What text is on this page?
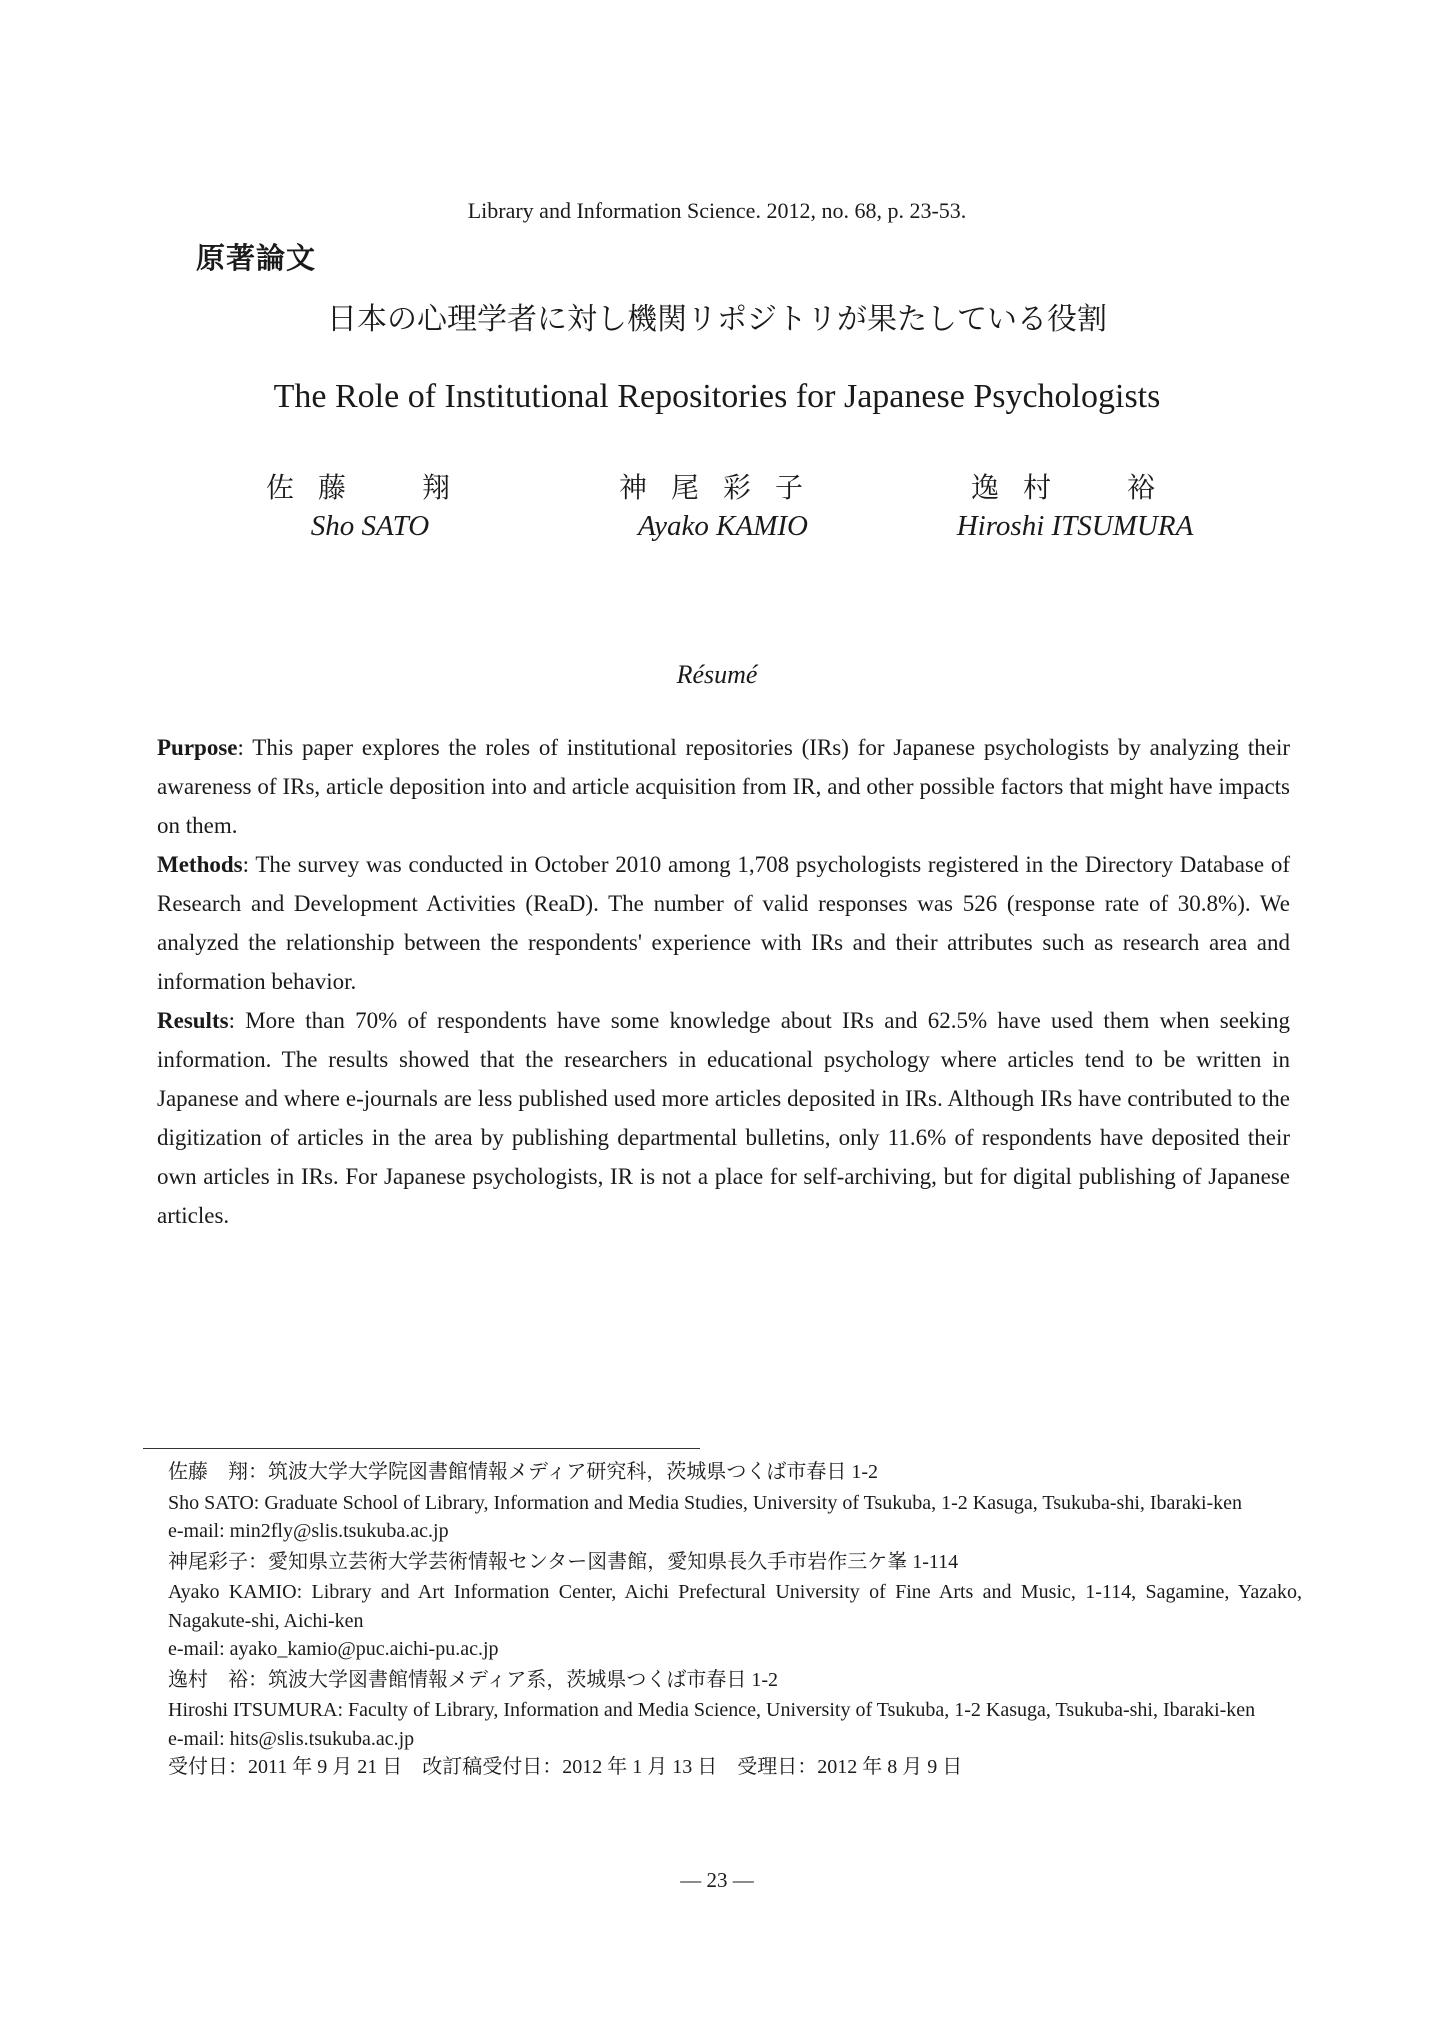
Library and Information Science. 2012, no. 68, p. 23-53.
原著論文
日本の心理学者に対し機関リポジトリが果たしている役割
The Role of Institutional Repositories for Japanese Psychologists
佐藤　翔
Sho SATO
神尾彩子
Ayako KAMIO
逸村　裕
Hiroshi ITSUMURA
Résumé

Purpose: This paper explores the roles of institutional repositories (IRs) for Japanese psychologists by analyzing their awareness of IRs, article deposition into and article acquisition from IR, and other possible factors that might have impacts on them.

Methods: The survey was conducted in October 2010 among 1,708 psychologists registered in the Directory Database of Research and Development Activities (ReaD). The number of valid responses was 526 (response rate of 30.8%). We analyzed the relationship between the respondents' experience with IRs and their attributes such as research area and information behavior.

Results: More than 70% of respondents have some knowledge about IRs and 62.5% have used them when seeking information. The results showed that the researchers in educational psychology where articles tend to be written in Japanese and where e-journals are less published used more articles deposited in IRs. Although IRs have contributed to the digitization of articles in the area by publishing departmental bulletins, only 11.6% of respondents have deposited their own articles in IRs. For Japanese psychologists, IR is not a place for self-archiving, but for digital publishing of Japanese articles.

佐藤　翔：筑波大学大学院図書館情報メディア研究科，茨城県つくば市春日 1-2
Sho SATO: Graduate School of Library, Information and Media Studies, University of Tsukuba, 1-2 Kasuga, Tsukuba-shi, Ibaraki-ken
e-mail: min2fly@slis.tsukuba.ac.jp
神尾彩子：愛知県立芸術大学芸術情報センター図書館，愛知県長久手市岩作三ケ峯 1-114
Ayako KAMIO: Library and Art Information Center, Aichi Prefectural University of Fine Arts and Music, 1-114, Sagamine, Yazako, Nagakute-shi, Aichi-ken
e-mail: ayako_kamio@puc.aichi-pu.ac.jp
逸村　裕：筑波大学図書館情報メディア系，茨城県つくば市春日 1-2
Hiroshi ITSUMURA: Faculty of Library, Information and Media Science, University of Tsukuba, 1-2 Kasuga, Tsukuba-shi, Ibaraki-ken
e-mail: hits@slis.tsukuba.ac.jp
受付日：2011 年 9 月 21 日　改訂稿受付日：2012 年 1 月 13 日　受理日：2012 年 8 月 9 日
— 23 —
